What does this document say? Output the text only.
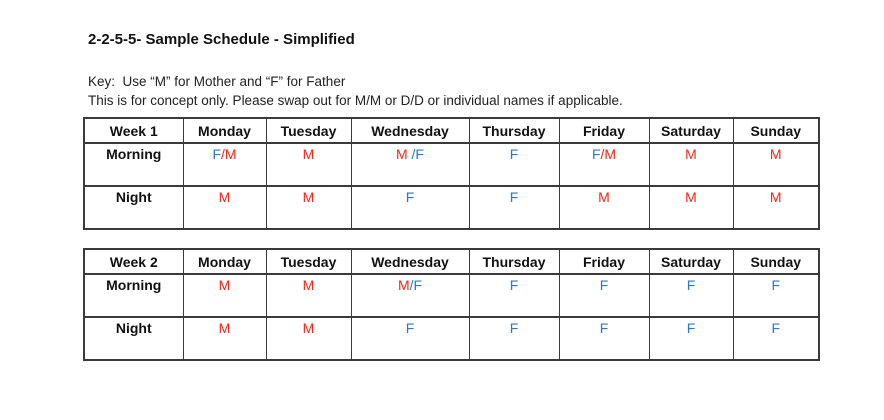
2-2-5-5- Sample Schedule - Simplified

Key:  Use “M” for Mother and “F” for Father

This is for concept only. Please swap out for M/M or D/D or individual names if applicable.

Week 1	Monday	Tuesday	Wednesday	Thursday	Friday	Saturday	Sunday
Morning	F/M	M	M /F	F	F/M	M	M
Night	M	M	F	F	M	M	M
Week 2	Monday	Tuesday	Wednesday	Thursday	Friday	Saturday	Sunday
Morning	M	M	M/F	F	F	F	F
Night	M	M	F	F	F	F	F
